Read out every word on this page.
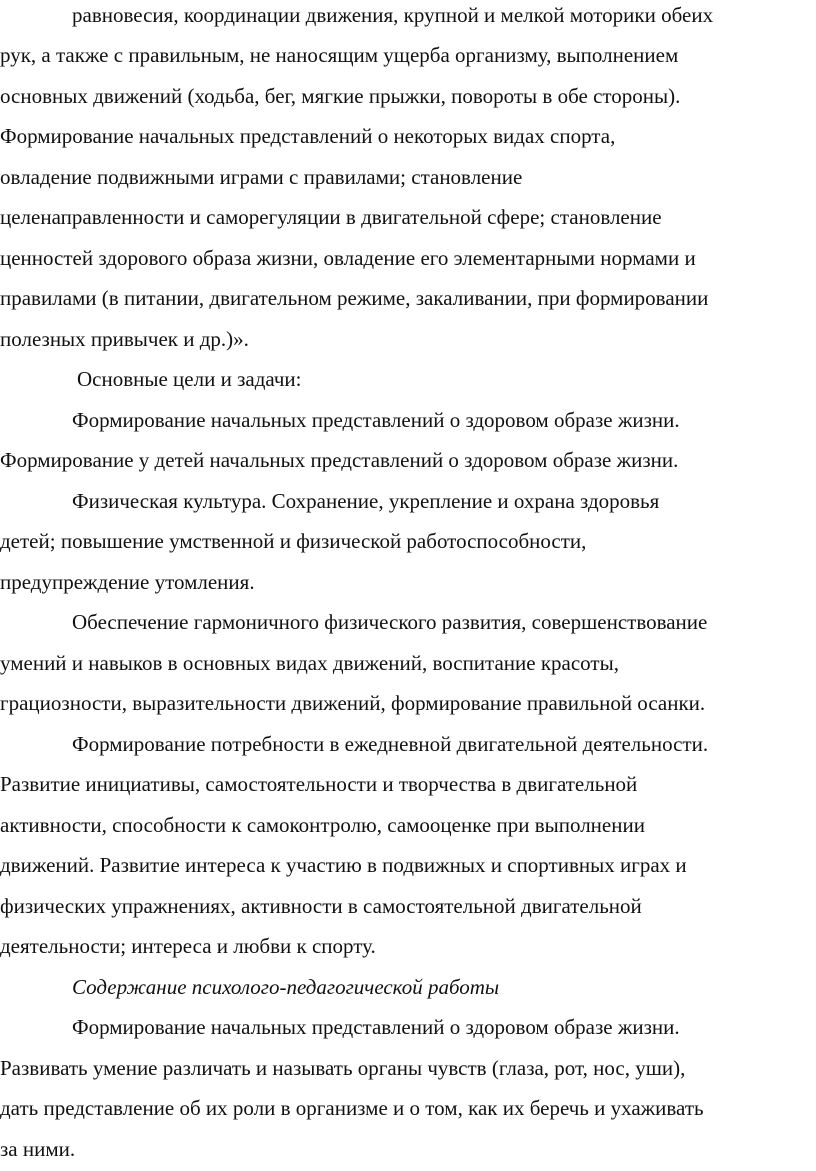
равновесия, координации движения, крупной и мелкой моторики обеих
рук, а также с правильным, не наносящим ущерба организму, выполнением
основных движений (ходьба, бег, мягкие прыжки, повороты в обе стороны).
Формирование начальных представлений о некоторых видах спорта,
овладение подвижными играми с правилами; становление
целенаправленности и саморегуляции в двигательной сфере; становление
ценностей здорового образа жизни, овладение его элементарными нормами и
правилами (в питании, двигательном режиме, закаливании, при формировании
полезных привычек и др.)».
Основные цели и задачи:
Формирование начальных представлений о здоровом образе жизни.
Формирование у детей начальных представлений о здоровом образе жизни.
Физическая культура. Сохранение, укрепление и охрана здоровья
детей; повышение умственной и физической работоспособности,
предупреждение утомления.
Обеспечение гармоничного физического развития, совершенствование
умений и навыков в основных видах движений, воспитание красоты,
грациозности, выразительности движений, формирование правильной осанки.
Формирование потребности в ежедневной двигательной деятельности.
Развитие инициативы, самостоятельности и творчества в двигательной
активности, способности к самоконтролю, самооценке при выполнении
движений. Развитие интереса к участию в подвижных и спортивных играх и
физических упражнениях, активности в самостоятельной двигательной
деятельности; интереса и любви к спорту.
Содержание психолого-педагогической работы
Формирование начальных представлений о здоровом образе жизни.
Развивать умение различать и называть органы чувств (глаза, рот, нос, уши),
дать представление об их роли в организме и о том, как их беречь и ухаживать
за ними.
